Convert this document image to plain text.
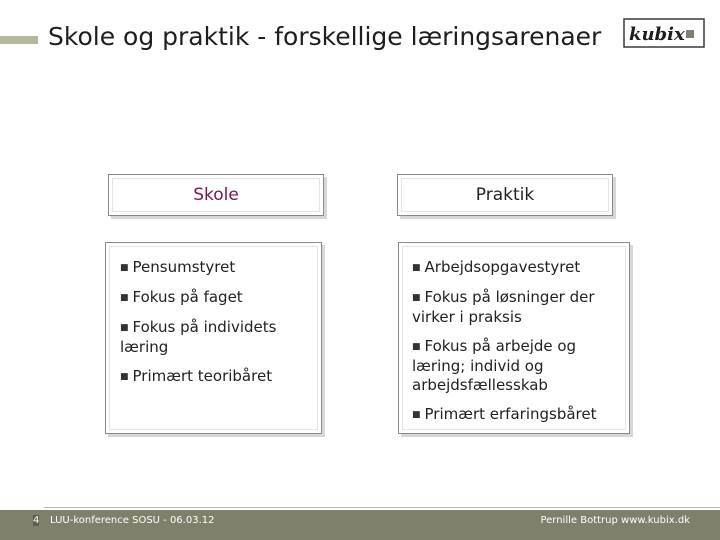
Skole og praktik - forskellige læringsarenaer kubix
Skole	Praktik
■ Pensumstyret
■ Fokus på faget
■ Fokus på individets læring
■ Primært teoribåret
■ Arbejdsopgavestyret
■ Fokus på løsninger der virker i praksis
■ Fokus på arbejde og læring; individ og arbejdsfællesskab
■ Primært erfaringsbåret
4 LUU-konference SOSU - 06.03.12	Pernille Bottrup www.kubix.dk
